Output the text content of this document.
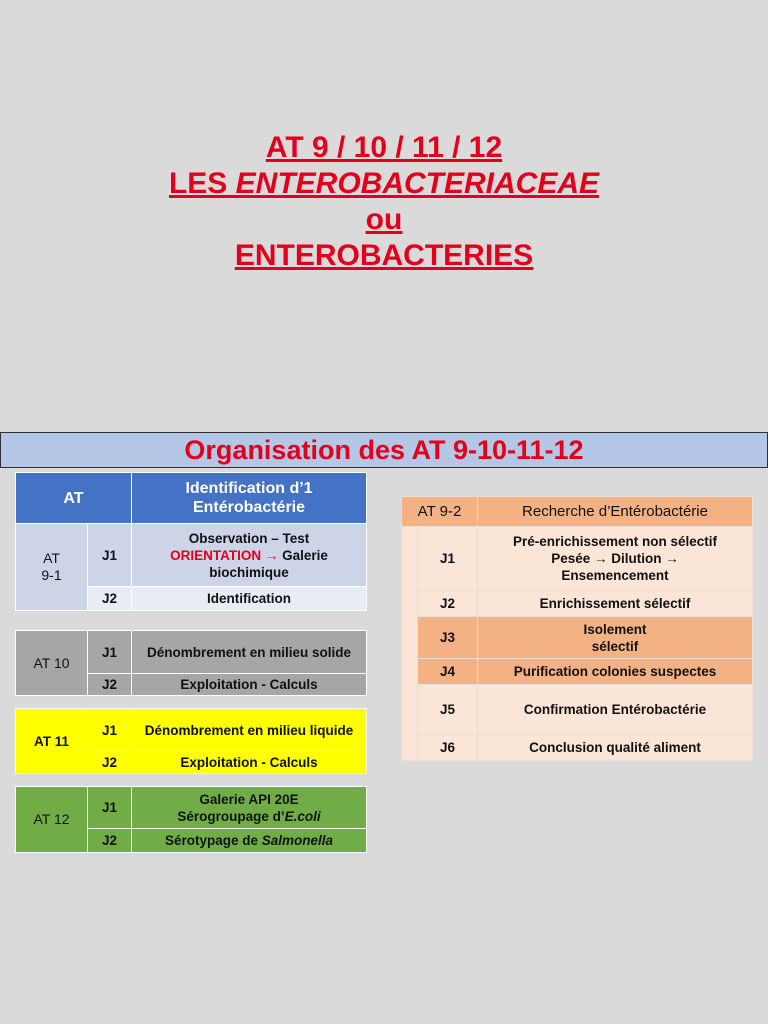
AT 9 / 10 / 11 / 12
LES ENTEROBACTERIACEAE
ou
ENTEROBACTERIES
Organisation des AT 9-10-11-12
AT		Identification d’1 Entérobactérie
AT
9-1	J1	Observation – Test
ORIENTATION → Galerie biochimique
	J2	Identification
AT 10	J1	Dénombrement en milieu solide
	J2	Exploitation - Calculs
AT 11	J1	Dénombrement en milieu liquide
	J2	Exploitation - Calculs
AT 12	J1	Galerie API 20E
Sérogroupage d’E.coli
	J2	Sérotypage de Salmonella
AT 9-2		Recherche d’Entérobactérie
	J1	Pré-enrichissement non sélectif
Pesée → Dilution →
Ensemencement
	J2	Enrichissement sélectif
	J3	Isolement
sélectif
	J4	Purification colonies suspectes
	J5	Confirmation Entérobactérie
	J6	Conclusion qualité aliment
